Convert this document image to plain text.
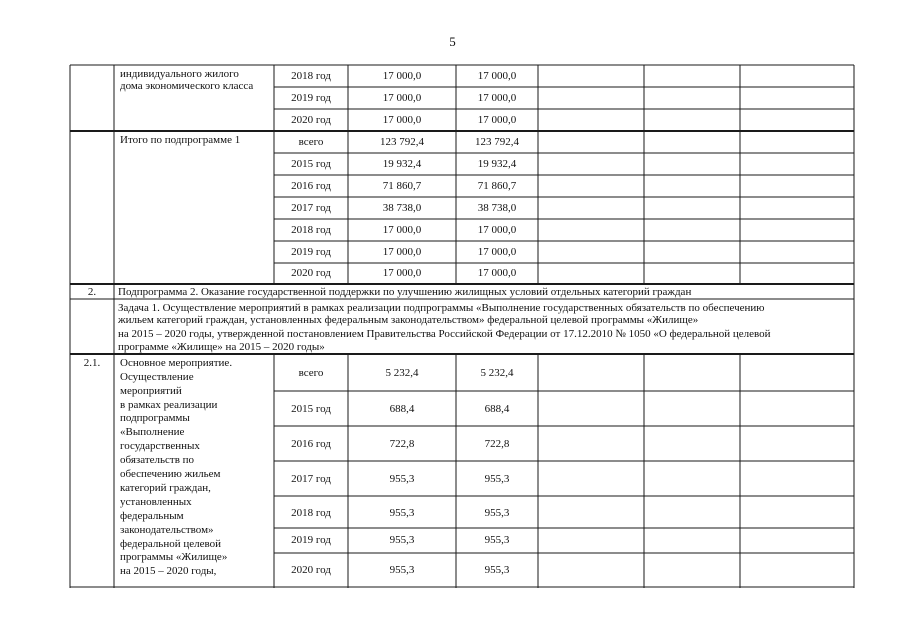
5
индивидуального жилого
дома экономического класса
2018 год	17 000,0	17 000,0
2019 год	17 000,0	17 000,0
2020 год	17 000,0	17 000,0
Итого по подпрограмме 1	всего	123 792,4	123 792,4
2015 год	19 932,4	19 932,4
2016 год	71 860,7	71 860,7
2017 год	38 738,0	38 738,0
2018 год	17 000,0	17 000,0
2019 год	17 000,0	17 000,0
2020 год	17 000,0	17 000,0
2.	Подпрограмма 2. Оказание государственной поддержки по улучшению жилищных условий отдельных категорий граждан
Задача 1. Осуществление мероприятий в рамках реализации подпрограммы «Выполнение государственных обязательств по обеспечению
жильем категорий граждан, установленных федеральным законодательством» федеральной целевой программы «Жилище»
на 2015 – 2020 годы, утвержденной постановлением Правительства Российской Федерации от 17.12.2010 № 1050 «О федеральной целевой
программе «Жилище» на 2015 – 2020 годы»
2.1.	Основное мероприятие.
Осуществление
мероприятий
в рамках реализации
подпрограммы
«Выполнение
государственных
обязательств по
обеспечению жильем
категорий граждан,
установленных
федеральным
законодательством»
федеральной целевой
программы «Жилище»
на 2015 – 2020 годы,
всего	5 232,4	5 232,4
2015 год	688,4	688,4
2016 год	722,8	722,8
2017 год	955,3	955,3
2018 год	955,3	955,3
2019 год	955,3	955,3
2020 год	955,3	955,3
